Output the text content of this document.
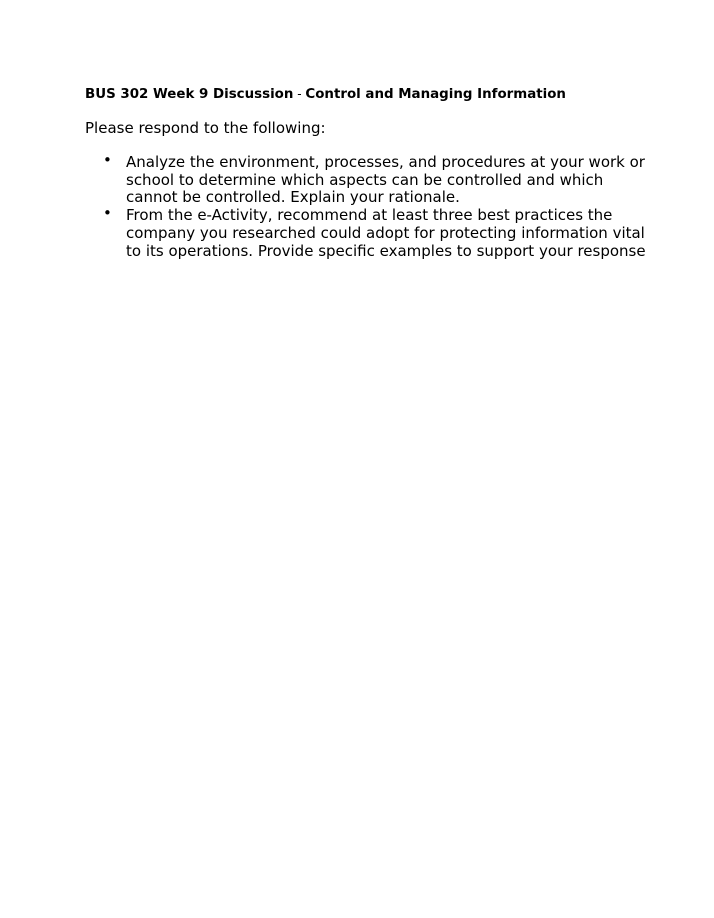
BUS 302 Week 9 Discussion - Control and Managing Information
Please respond to the following:
• Analyze the environment, processes, and procedures at your work or school to determine which aspects can be controlled and which cannot be controlled. Explain your rationale.
• From the e-Activity, recommend at least three best practices the company you researched could adopt for protecting information vital to its operations. Provide specific examples to support your response
